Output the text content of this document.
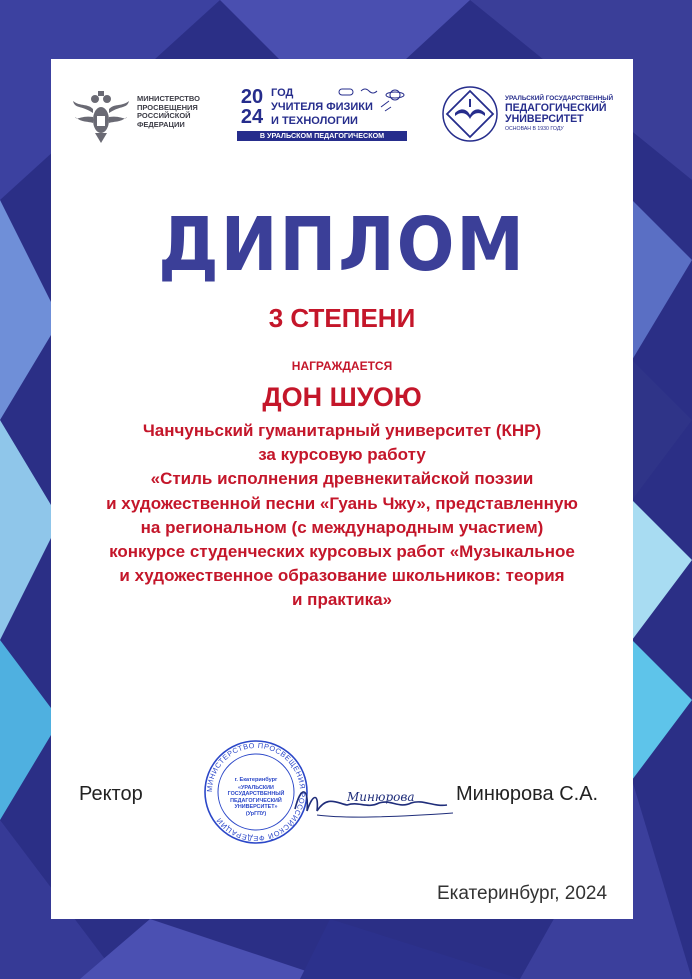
МИНИСТЕРСТВО
ПРОСВЕЩЕНИЯ
РОССИЙСКОЙ
ФЕДЕРАЦИИ
20
24
ГОД
УЧИТЕЛЯ ФИЗИКИ
И ТЕХНОЛОГИИ
В УРАЛЬСКОМ ПЕДАГОГИЧЕСКОМ
УРАЛЬСКИЙ ГОСУДАРСТВЕННЫЙ
ПЕДАГОГИЧЕСКИЙ
УНИВЕРСИТЕТ
ОСНОВАН В 1930 ГОДУ
ДИПЛОМ
3 СТЕПЕНИ
НАГРАЖДАЕТСЯ
ДОН ШУОЮ
Чанчуньский гуманитарный университет (КНР)
за курсовую работу
«Стиль исполнения древнекитайской поэзии
и художественной песни «Гуань Чжу», представленную
на региональном (с международным участием)
конкурсе студенческих курсовых работ «Музыкальное
и художественное образование школьников: теория
и практика»
Ректор	МИНИСТЕРСТВО ПРОСВЕЩЕНИЯ РОССИЙСКОЙ ФЕДЕРАЦИИ
г. Екатеринбург
«УРАЛЬСКИЙ ГОСУДАРСТВЕННЫЙ ПЕДАГОГИЧЕСКИЙ УНИВЕРСИТЕТ» (УрГПУ)
Минюрова Минюрова С.А.
Екатеринбург, 2024
